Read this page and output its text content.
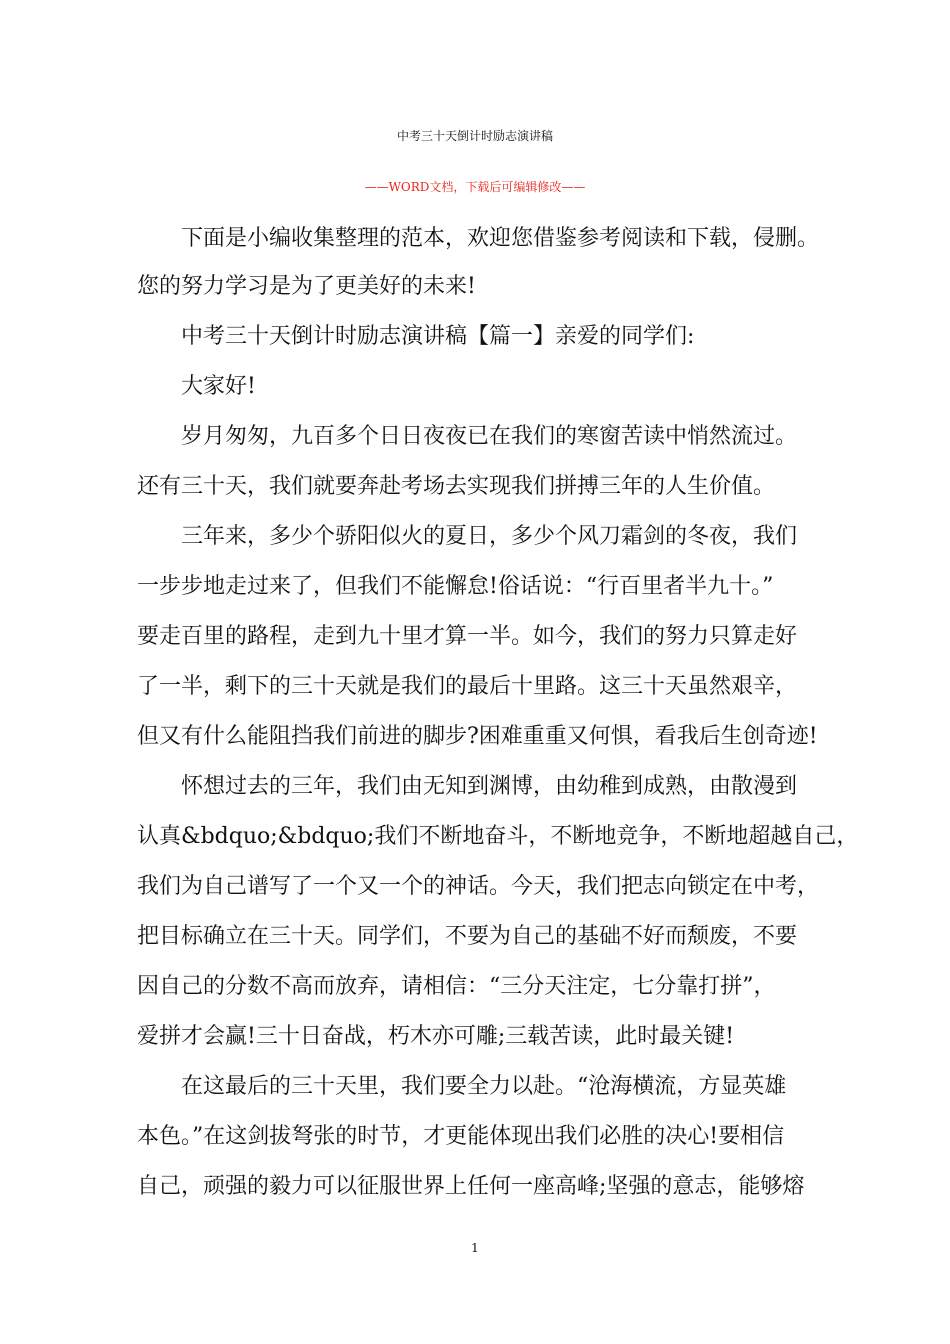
中考三十天倒计时励志演讲稿

——WORD文档，下载后可编辑修改——

下面是小编收集整理的范本，欢迎您借鉴参考阅读和下载，侵删。

您的努力学习是为了更美好的未来!

中考三十天倒计时励志演讲稿【篇一】亲爱的同学们:

大家好!

岁月匆匆，九百多个日日夜夜已在我们的寒窗苦读中悄然流过。

还有三十天，我们就要奔赴考场去实现我们拼搏三年的人生价值。

三年来，多少个骄阳似火的夏日，多少个风刀霜剑的冬夜，我们

一步步地走过来了，但我们不能懈怠!俗话说：“行百里者半九十。”

要走百里的路程，走到九十里才算一半。如今，我们的努力只算走好

了一半，剩下的三十天就是我们的最后十里路。这三十天虽然艰辛，

但又有什么能阻挡我们前进的脚步?困难重重又何惧，看我后生创奇迹!

怀想过去的三年，我们由无知到渊博，由幼稚到成熟，由散漫到

认真&bdquo;&bdquo;我们不断地奋斗，不断地竞争，不断地超越自己，

我们为自己谱写了一个又一个的神话。今天，我们把志向锁定在中考，

把目标确立在三十天。同学们，不要为自己的基础不好而颓废，不要

因自己的分数不高而放弃，请相信：“三分天注定，七分靠打拼”，

爱拼才会赢!三十日奋战，朽木亦可雕;三载苦读，此时最关键!

在这最后的三十天里，我们要全力以赴。“沧海横流，方显英雄

本色。”在这剑拔弩张的时节，才更能体现出我们必胜的决心!要相信

自己，顽强的毅力可以征服世界上任何一座高峰;坚强的意志，能够熔

1
